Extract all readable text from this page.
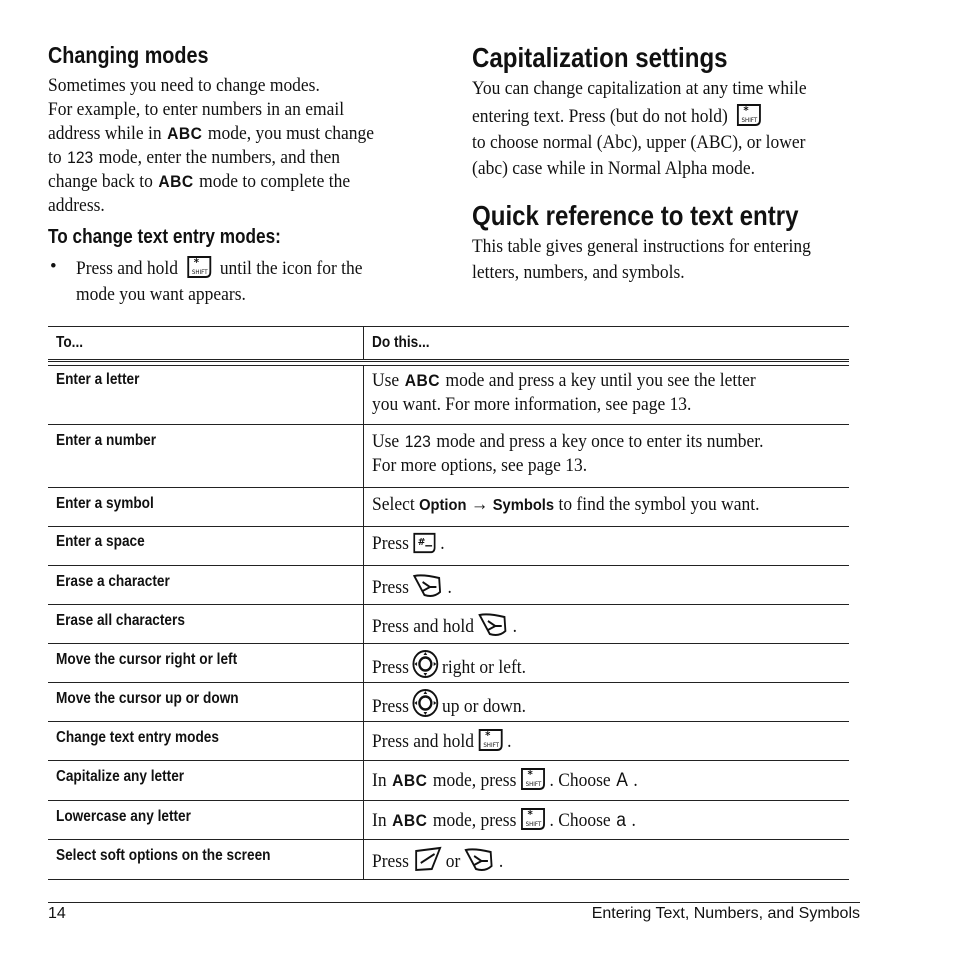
Changing modes
Sometimes you need to change modes.
For example, to enter numbers in an email
address while in ABC mode, you must change
to 123 mode, enter the numbers, and then
change back to ABC mode to complete the
address.
To change text entry modes:
• Press and hold until the icon for the
mode you want appears.
Capitalization settings
You can change capitalization at any time while
entering text. Press (but do not hold)
to choose normal (Abc), upper (ABC), or lower
(abc) case while in Normal Alpha mode.
Quick reference to text entry
This table gives general instructions for entering
letters, numbers, and symbols.
To...	Do this...
Enter a letter	Use ABC mode and press a key until you see the letter
you want. For more information, see page 13.
Enter a number	Use 123 mode and press a key once to enter its number.
For more options, see page 13.
Enter a symbol	Select Option → Symbols to find the symbol you want.
Enter a space	Press .
Erase a character	Press .
Erase all characters	Press and hold .
Move the cursor right or left	Press right or left.
Move the cursor up or down	Press up or down.
Change text entry modes	Press and hold .
Capitalize any letter	In ABC mode, press . Choose A .
Lowercase any letter	In ABC mode, press . Choose a .
Select soft options on the screen	Press or .
14	Entering Text, Numbers, and Symbols
